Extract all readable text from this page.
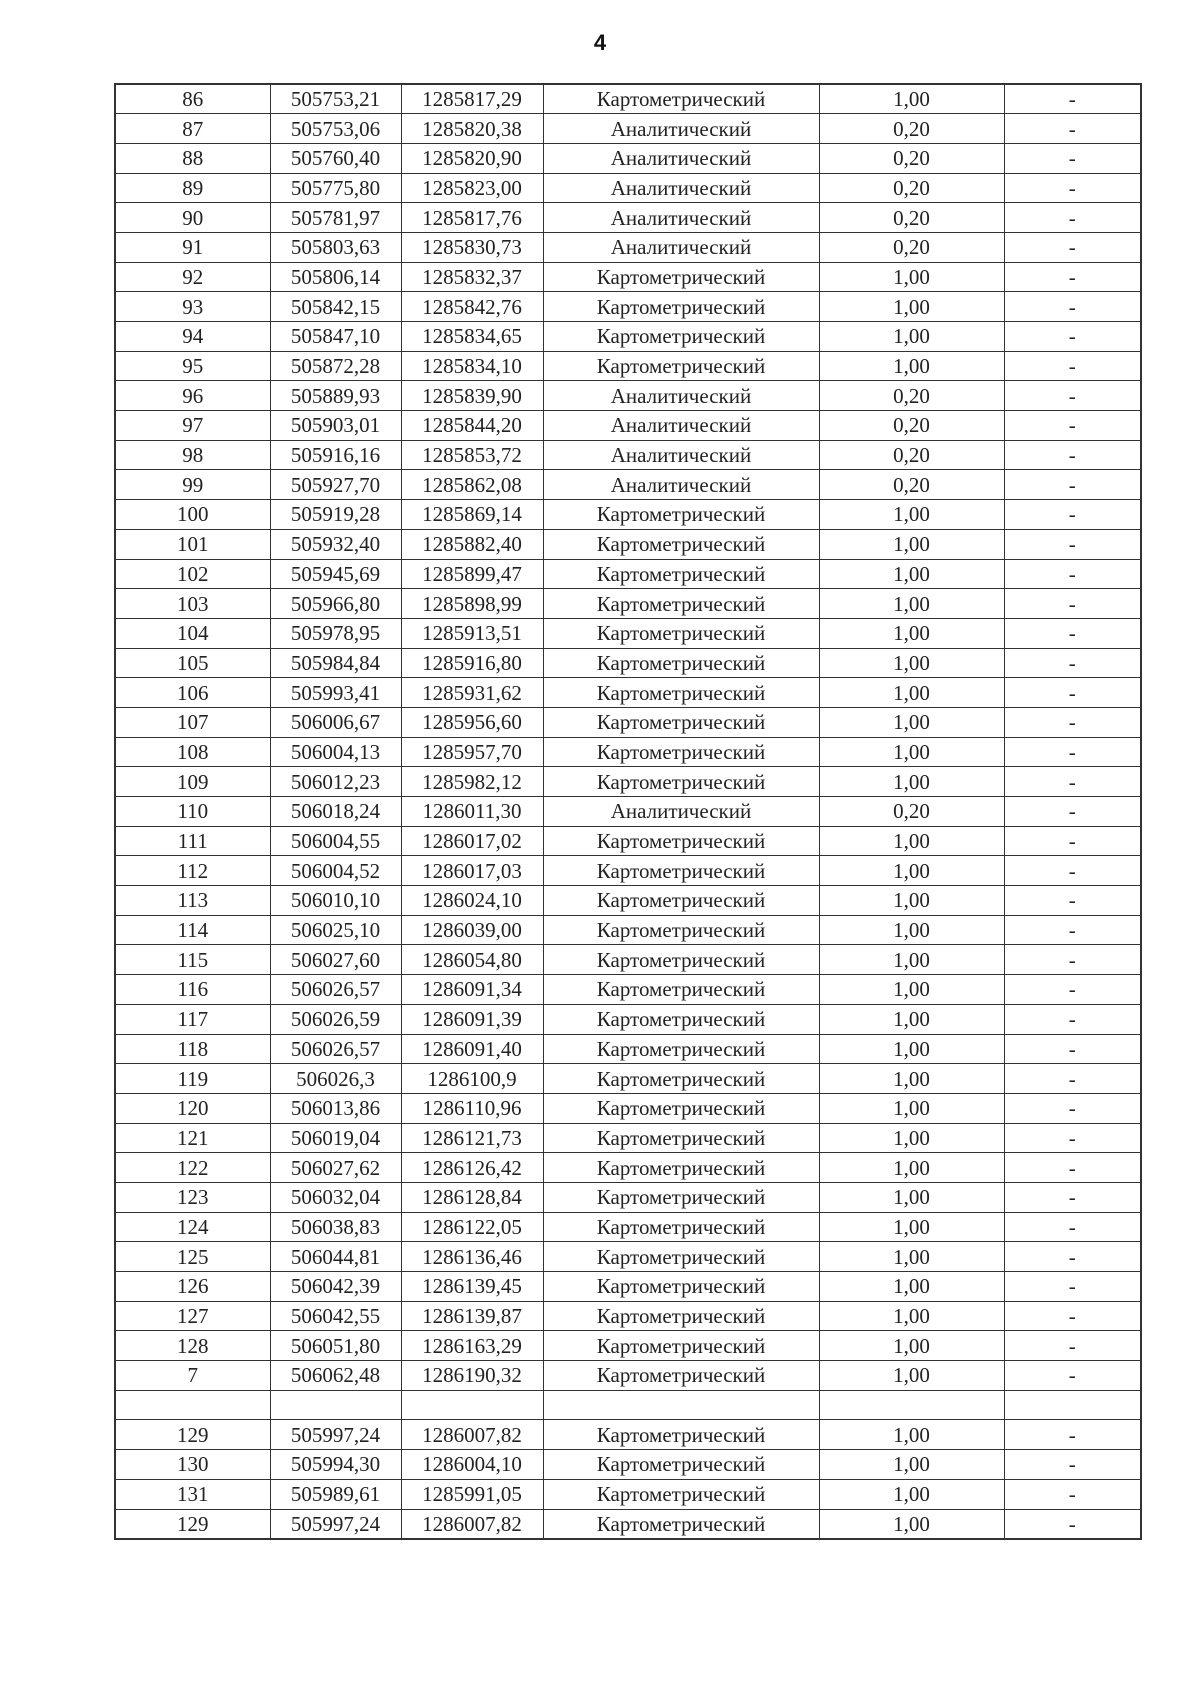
4
86	505753,21	1285817,29	Картометрический	1,00	-
87	505753,06	1285820,38	Аналитический	0,20	-
88	505760,40	1285820,90	Аналитический	0,20	-
89	505775,80	1285823,00	Аналитический	0,20	-
90	505781,97	1285817,76	Аналитический	0,20	-
91	505803,63	1285830,73	Аналитический	0,20	-
92	505806,14	1285832,37	Картометрический	1,00	-
93	505842,15	1285842,76	Картометрический	1,00	-
94	505847,10	1285834,65	Картометрический	1,00	-
95	505872,28	1285834,10	Картометрический	1,00	-
96	505889,93	1285839,90	Аналитический	0,20	-
97	505903,01	1285844,20	Аналитический	0,20	-
98	505916,16	1285853,72	Аналитический	0,20	-
99	505927,70	1285862,08	Аналитический	0,20	-
100	505919,28	1285869,14	Картометрический	1,00	-
101	505932,40	1285882,40	Картометрический	1,00	-
102	505945,69	1285899,47	Картометрический	1,00	-
103	505966,80	1285898,99	Картометрический	1,00	-
104	505978,95	1285913,51	Картометрический	1,00	-
105	505984,84	1285916,80	Картометрический	1,00	-
106	505993,41	1285931,62	Картометрический	1,00	-
107	506006,67	1285956,60	Картометрический	1,00	-
108	506004,13	1285957,70	Картометрический	1,00	-
109	506012,23	1285982,12	Картометрический	1,00	-
110	506018,24	1286011,30	Аналитический	0,20	-
111	506004,55	1286017,02	Картометрический	1,00	-
112	506004,52	1286017,03	Картометрический	1,00	-
113	506010,10	1286024,10	Картометрический	1,00	-
114	506025,10	1286039,00	Картометрический	1,00	-
115	506027,60	1286054,80	Картометрический	1,00	-
116	506026,57	1286091,34	Картометрический	1,00	-
117	506026,59	1286091,39	Картометрический	1,00	-
118	506026,57	1286091,40	Картометрический	1,00	-
119	506026,3	1286100,9	Картометрический	1,00	-
120	506013,86	1286110,96	Картометрический	1,00	-
121	506019,04	1286121,73	Картометрический	1,00	-
122	506027,62	1286126,42	Картометрический	1,00	-
123	506032,04	1286128,84	Картометрический	1,00	-
124	506038,83	1286122,05	Картометрический	1,00	-
125	506044,81	1286136,46	Картометрический	1,00	-
126	506042,39	1286139,45	Картометрический	1,00	-
127	506042,55	1286139,87	Картометрический	1,00	-
128	506051,80	1286163,29	Картометрический	1,00	-
7	506062,48	1286190,32	Картометрический	1,00	-

129	505997,24	1286007,82	Картометрический	1,00	-
130	505994,30	1286004,10	Картометрический	1,00	-
131	505989,61	1285991,05	Картометрический	1,00	-
129	505997,24	1286007,82	Картометрический	1,00	-
